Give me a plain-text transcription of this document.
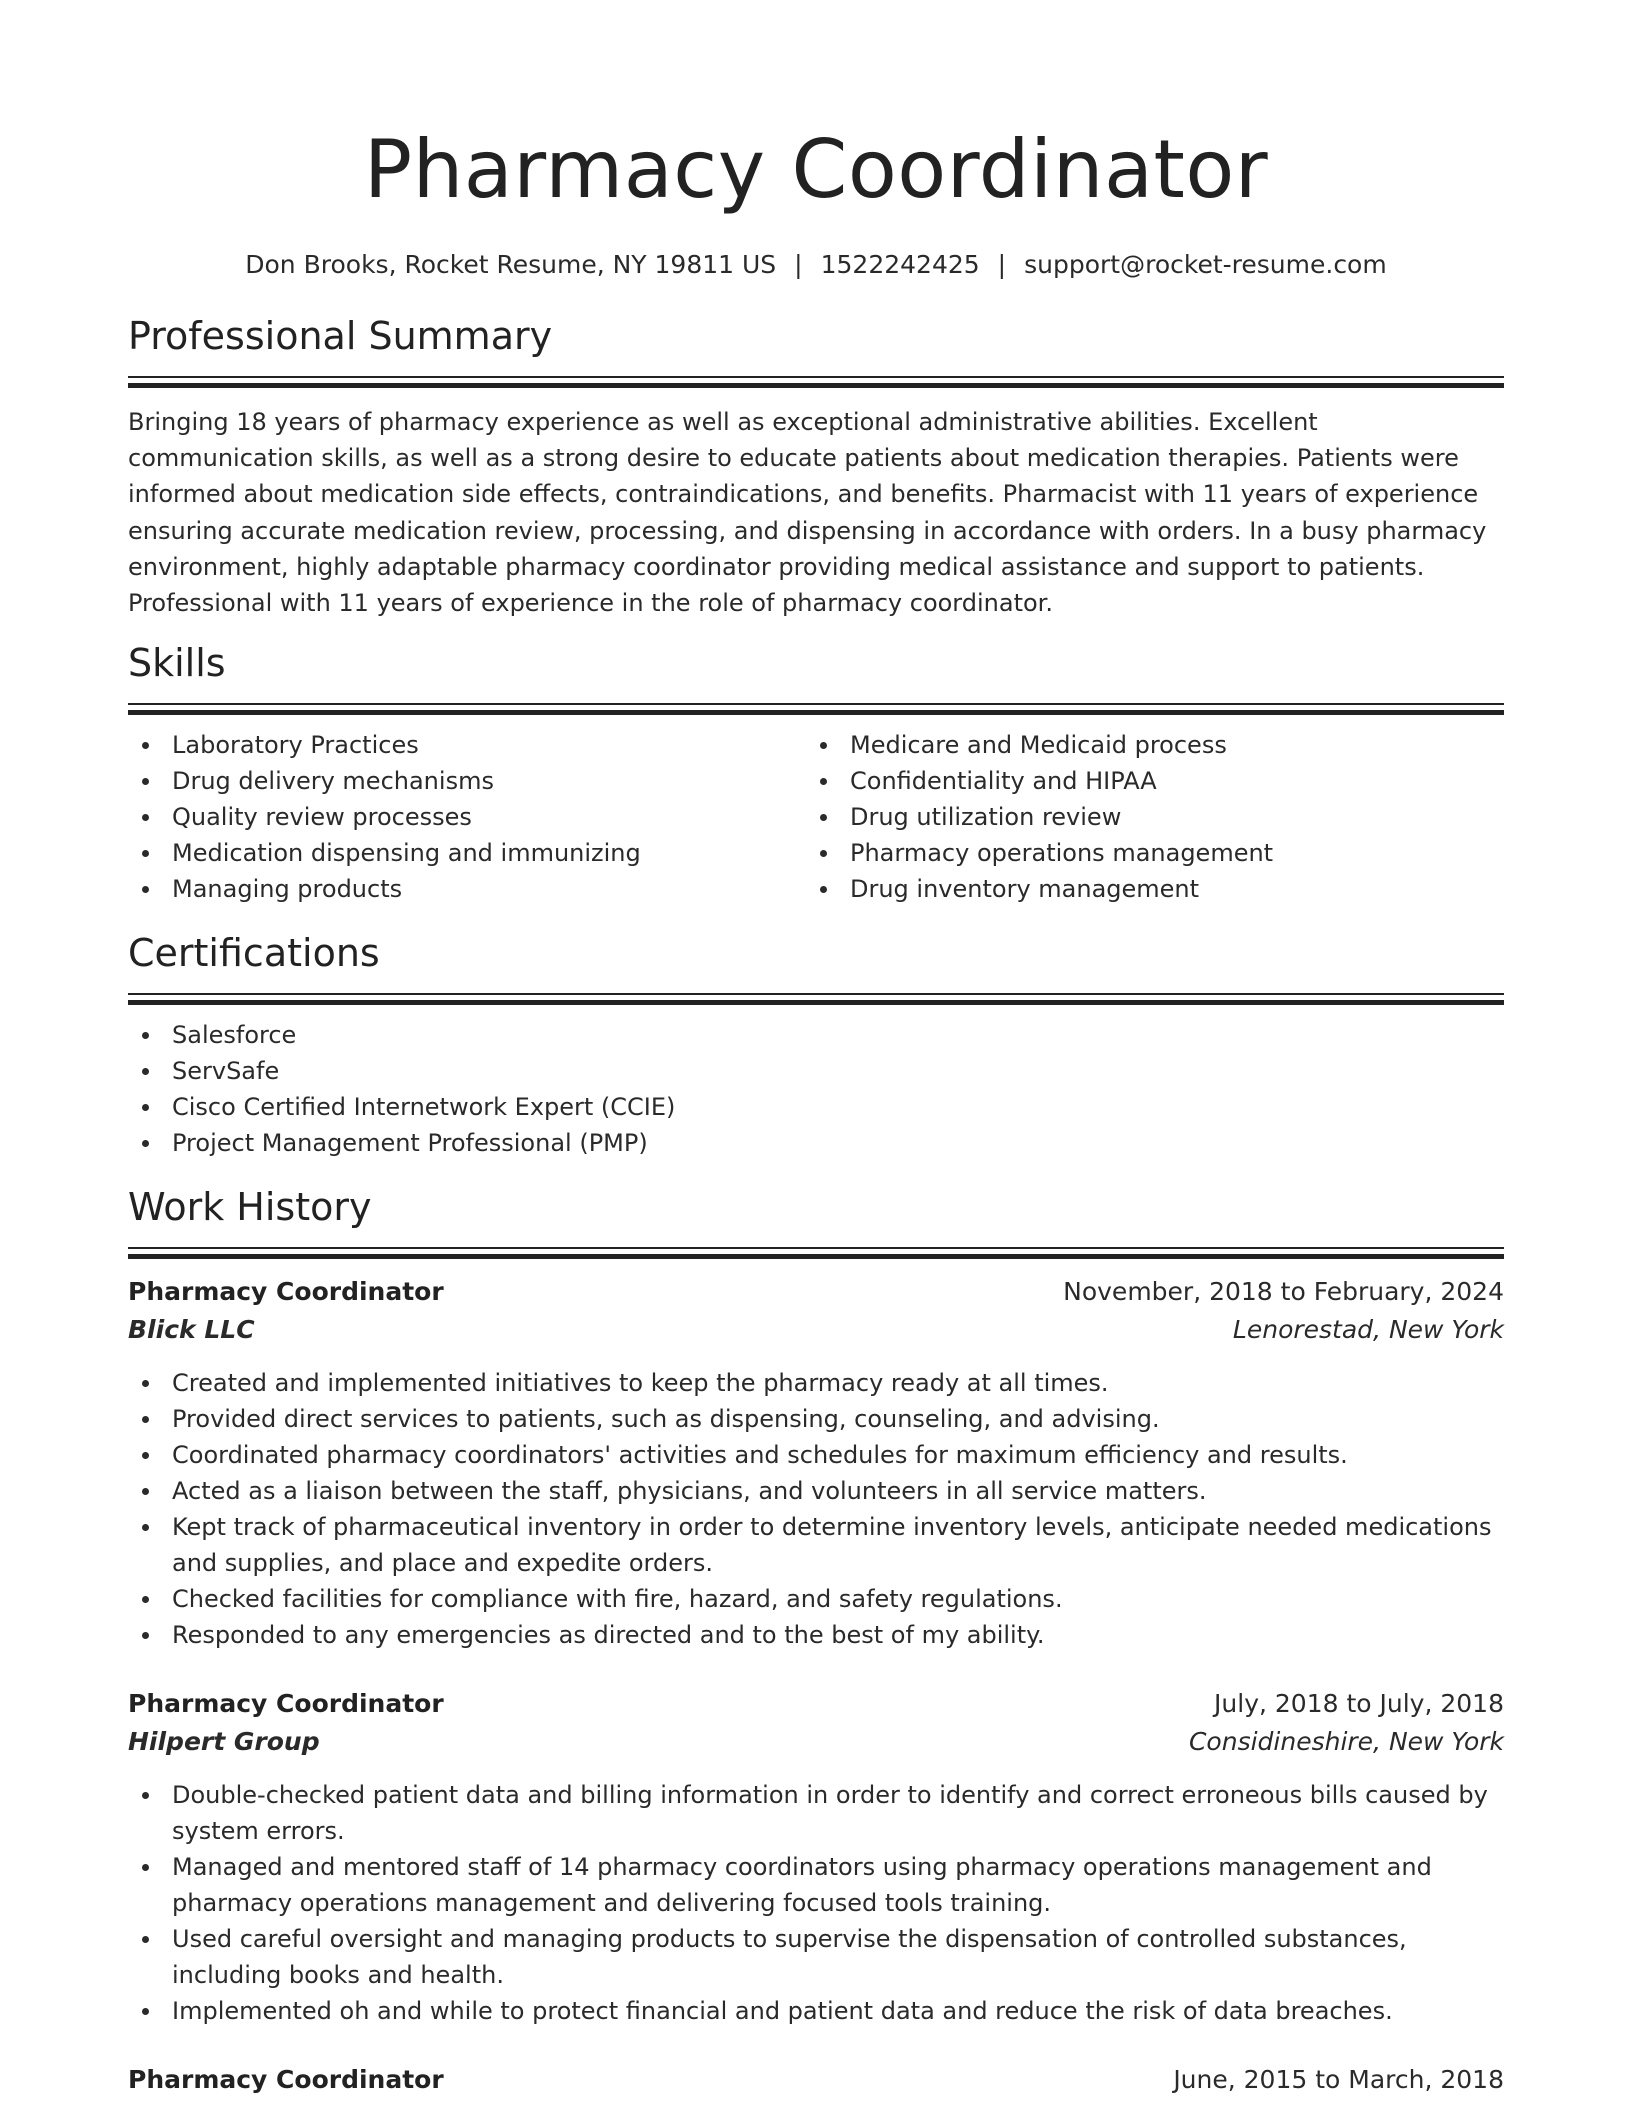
Pharmacy Coordinator
Don Brooks, Rocket Resume, NY 19811 US | 1522242425 | support@rocket-resume.com
Professional Summary

Bringing 18 years of pharmacy experience as well as exceptional administrative abilities. Excellent communication skills, as well as a strong desire to educate patients about medication therapies. Patients were informed about medication side effects, contraindications, and benefits. Pharmacist with 11 years of experience ensuring accurate medication review, processing, and dispensing in accordance with orders. In a busy pharmacy environment, highly adaptable pharmacy coordinator providing medical assistance and support to patients. Professional with 11 years of experience in the role of pharmacy coordinator.

Skills
Laboratory Practices
Drug delivery mechanisms
Quality review processes
Medication dispensing and immunizing
Managing products
Medicare and Medicaid process
Confidentiality and HIPAA
Drug utilization review
Pharmacy operations management
Drug inventory management
Certifications
Salesforce
ServSafe
Cisco Certified Internetwork Expert (CCIE)
Project Management Professional (PMP)
Work History
Pharmacy Coordinator	November, 2018 to February, 2024
Blick LLC	Lenorestad, New York
Created and implemented initiatives to keep the pharmacy ready at all times.
Provided direct services to patients, such as dispensing, counseling, and advising.
Coordinated pharmacy coordinators' activities and schedules for maximum efficiency and results.
Acted as a liaison between the staff, physicians, and volunteers in all service matters.
Kept track of pharmaceutical inventory in order to determine inventory levels, anticipate needed medications and supplies, and place and expedite orders.
Checked facilities for compliance with fire, hazard, and safety regulations.
Responded to any emergencies as directed and to the best of my ability.
Pharmacy Coordinator	July, 2018 to July, 2018
Hilpert Group	Considineshire, New York
Double-checked patient data and billing information in order to identify and correct erroneous bills caused by system errors.
Managed and mentored staff of 14 pharmacy coordinators using pharmacy operations management and pharmacy operations management and delivering focused tools training.
Used careful oversight and managing products to supervise the dispensation of controlled substances, including books and health.
Implemented oh and while to protect financial and patient data and reduce the risk of data breaches.
Pharmacy Coordinator	June, 2015 to March, 2018
